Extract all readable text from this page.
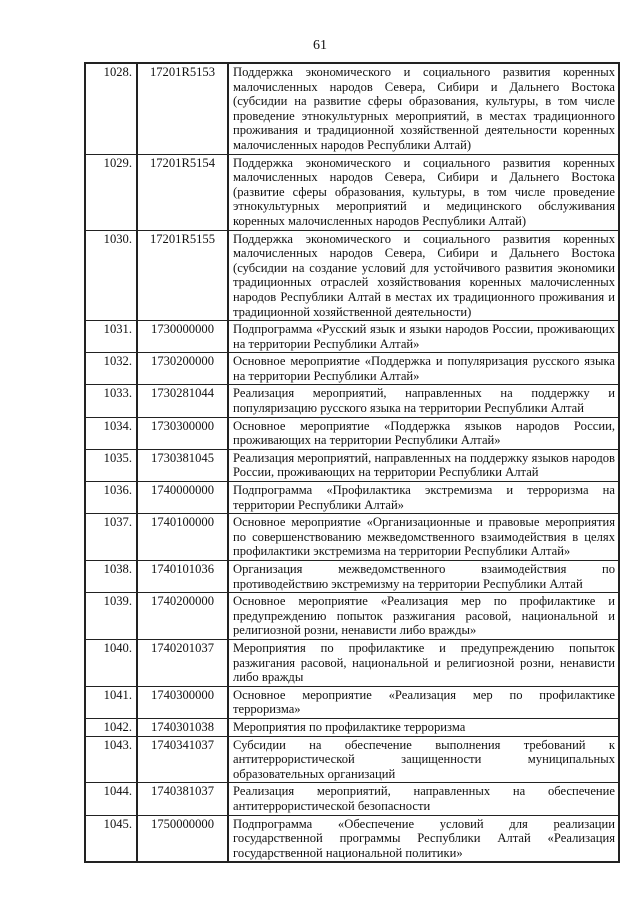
61
1028.	17201R5153	Поддержка экономического и социального развития коренных малочисленных народов Севера, Сибири и Дальнего Востока (субсидии на развитие сферы образования, культуры, в том числе проведение этнокультурных мероприятий, в местах традиционного проживания и традиционной хозяйственной деятельности коренных малочисленных народов Республики Алтай)
1029.	17201R5154	Поддержка экономического и социального развития коренных малочисленных народов Севера, Сибири и Дальнего Востока (развитие сферы образования, культуры, в том числе проведение этнокультурных мероприятий и медицинского обслуживания коренных малочисленных народов Республики Алтай)
1030.	17201R5155	Поддержка экономического и социального развития коренных малочисленных народов Севера, Сибири и Дальнего Востока (субсидии на создание условий для устойчивого развития экономики традиционных отраслей хозяйствования коренных малочисленных народов Республики Алтай в местах их традиционного проживания и традиционной хозяйственной деятельности)
1031.	1730000000	Подпрограмма «Русский язык и языки народов России, проживающих на территории Республики Алтай»
1032.	1730200000	Основное мероприятие «Поддержка и популяризация русского языка на территории Республики Алтай»
1033.	1730281044	Реализация мероприятий, направленных на поддержку и популяризацию русского языка на территории Республики Алтай
1034.	1730300000	Основное мероприятие «Поддержка языков народов России, проживающих на территории Республики Алтай»
1035.	1730381045	Реализация мероприятий, направленных на поддержку языков народов России, проживающих на территории Республики Алтай
1036.	1740000000	Подпрограмма «Профилактика экстремизма и терроризма на территории Республики Алтай»
1037.	1740100000	Основное мероприятие «Организационные и правовые мероприятия по совершенствованию межведомственного взаимодействия в целях профилактики экстремизма на территории Республики Алтай»
1038.	1740101036	Организация межведомственного взаимодействия по противодействию экстремизму на территории Республики Алтай
1039.	1740200000	Основное мероприятие «Реализация мер по профилактике и предупреждению попыток разжигания расовой, национальной и религиозной розни, ненависти либо вражды»
1040.	1740201037	Мероприятия по профилактике и предупреждению попыток разжигания расовой, национальной и религиозной розни, ненависти либо вражды
1041.	1740300000	Основное мероприятие «Реализация мер по профилактике терроризма»
1042.	1740301038	Мероприятия по профилактике терроризма
1043.	1740341037	Субсидии на обеспечение выполнения требований к антитеррористической защищенности муниципальных образовательных организаций
1044.	1740381037	Реализация мероприятий, направленных на обеспечение антитеррористической безопасности
1045.	1750000000	Подпрограмма «Обеспечение условий для реализации государственной программы Республики Алтай «Реализация государственной национальной политики»
